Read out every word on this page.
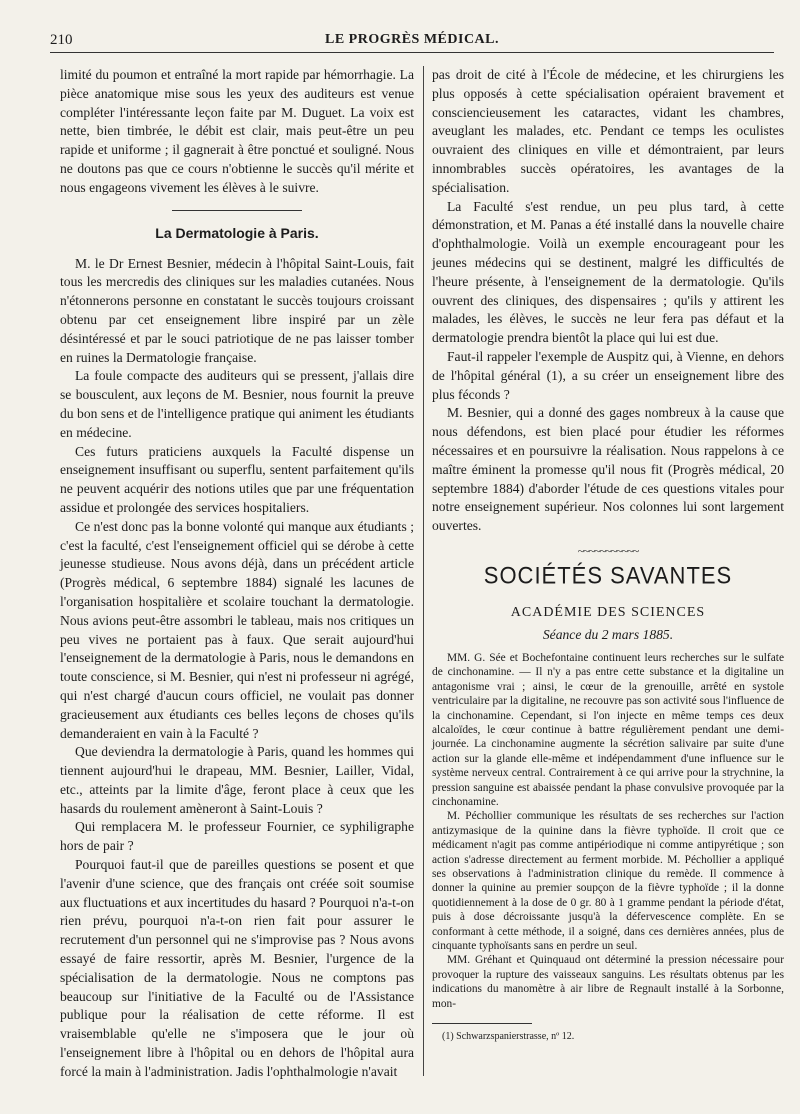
210	LE PROGRÈS MÉDICAL.

limité du poumon et entraîné la mort rapide par hémorrhagie. La pièce anatomique mise sous les yeux des auditeurs est venue compléter l'intéressante leçon faite par M. Duguet. La voix est nette, bien timbrée, le débit est clair, mais peut-être un peu rapide et uniforme ; il gagnerait à être ponctué et souligné. Nous ne doutons pas que ce cours n'obtienne le succès qu'il mérite et nous engageons vivement les élèves à le suivre.

La Dermatologie à Paris.

M. le Dr Ernest Besnier, médecin à l'hôpital Saint-Louis, fait tous les mercredis des cliniques sur les maladies cutanées. Nous n'étonnerons personne en constatant le succès toujours croissant obtenu par cet enseignement libre inspiré par un zèle désintéressé et par le souci patriotique de ne pas laisser tomber en ruines la Dermatologie française.

La foule compacte des auditeurs qui se pressent, j'allais dire se bousculent, aux leçons de M. Besnier, nous fournit la preuve du bon sens et de l'intelligence pratique qui animent les étudiants en médecine.

Ces futurs praticiens auxquels la Faculté dispense un enseignement insuffisant ou superflu, sentent parfaitement qu'ils ne peuvent acquérir des notions utiles que par une fréquentation assidue et prolongée des services hospitaliers.

Ce n'est donc pas la bonne volonté qui manque aux étudiants ; c'est la faculté, c'est l'enseignement officiel qui se dérobe à cette jeunesse studieuse. Nous avons déjà, dans un précédent article (Progrès médical, 6 septembre 1884) signalé les lacunes de l'organisation hospitalière et scolaire touchant la dermatologie. Nous avions peut-être assombri le tableau, mais nos critiques un peu vives ne portaient pas à faux. Que serait aujourd'hui l'enseignement de la dermatologie à Paris, nous le demandons en toute conscience, si M. Besnier, qui n'est ni professeur ni agrégé, qui n'est chargé d'aucun cours officiel, ne voulait pas donner gracieusement aux étudiants ces belles leçons de choses qu'ils demanderaient en vain à la Faculté ?

Que deviendra la dermatologie à Paris, quand les hommes qui tiennent aujourd'hui le drapeau, MM. Besnier, Lailler, Vidal, etc., atteints par la limite d'âge, feront place à ceux que les hasards du roulement amèneront à Saint-Louis ?

Qui remplacera M. le professeur Fournier, ce syphiligraphe hors de pair ?

Pourquoi faut-il que de pareilles questions se posent et que l'avenir d'une science, que des français ont créée soit soumise aux fluctuations et aux incertitudes du hasard ? Pourquoi n'a-t-on rien prévu, pourquoi n'a-t-on rien fait pour assurer le recrutement d'un personnel qui ne s'improvise pas ? Nous avons essayé de faire ressortir, après M. Besnier, l'urgence de la spécialisation de la dermatologie. Nous ne comptons pas beaucoup sur l'initiative de la Faculté ou de l'Assistance publique pour la réalisation de cette réforme. Il est vraisemblable qu'elle ne s'imposera que le jour où l'enseignement libre à l'hôpital ou en dehors de l'hôpital aura forcé la main à l'administration. Jadis l'ophthalmologie n'avait

pas droit de cité à l'École de médecine, et les chirurgiens les plus opposés à cette spécialisation opéraient bravement et consciencieusement les cataractes, vidant les chambres, aveuglant les malades, etc. Pendant ce temps les oculistes ouvraient des cliniques en ville et démontraient, par leurs innombrables succès opératoires, les avantages de la spécialisation.

La Faculté s'est rendue, un peu plus tard, à cette démonstration, et M. Panas a été installé dans la nouvelle chaire d'ophthalmologie. Voilà un exemple encourageant pour les jeunes médecins qui se destinent, malgré les difficultés de l'heure présente, à l'enseignement de la dermatologie. Qu'ils ouvrent des cliniques, des dispensaires ; qu'ils y attirent les malades, les élèves, le succès ne leur fera pas défaut et la dermatologie prendra bientôt la place qui lui est due.

Faut-il rappeler l'exemple de Auspitz qui, à Vienne, en dehors de l'hôpital général (1), a su créer un enseignement libre des plus féconds ?

M. Besnier, qui a donné des gages nombreux à la cause que nous défendons, est bien placé pour étudier les réformes nécessaires et en poursuivre la réalisation. Nous rappelons à ce maître éminent la promesse qu'il nous fit (Progrès médical, 20 septembre 1884) d'aborder l'étude de ces questions vitales pour notre enseignement supérieur. Nos colonnes lui sont largement ouvertes.

~~~~~~~~~~~
SOCIÉTÉS SAVANTES
ACADÉMIE DES SCIENCES
Séance du 2 mars 1885.

MM. G. Sée et Bochefontaine continuent leurs recherches sur le sulfate de cinchonamine. — Il n'y a pas entre cette substance et la digitaline un antagonisme vrai ; ainsi, le cœur de la grenouille, arrêté en systole ventriculaire par la digitaline, ne recouvre pas son activité sous l'influence de la cinchonamine. Cependant, si l'on injecte en même temps ces deux alcaloïdes, le cœur continue à battre régulièrement pendant une demi-journée. La cinchonamine augmente la sécrétion salivaire par suite d'une action sur la glande elle-même et indépendamment d'une influence sur le système nerveux central. Contrairement à ce qui arrive pour la strychnine, la pression sanguine est abaissée pendant la phase convulsive provoquée par la cinchonamine.

M. Péchollier communique les résultats de ses recherches sur l'action antizymasique de la quinine dans la fièvre typhoïde. Il croit que ce médicament n'agit pas comme antipériodique ni comme antipyrétique ; son action s'adresse directement au ferment morbide. M. Péchollier a appliqué ses observations à l'administration clinique du remède. Il commence à donner la quinine au premier soupçon de la fièvre typhoïde ; il la donne quotidiennement à la dose de 0 gr. 80 à 1 gramme pendant la période d'état, puis à dose décroissante jusqu'à la défervescence complète. En se conformant à cette méthode, il a soigné, dans ces dernières années, plus de cinquante typhoïsants sans en perdre un seul.

MM. Gréhant et Quinquaud ont déterminé la pression nécessaire pour provoquer la rupture des vaisseaux sanguins. Les résultats obtenus par les indications du manomètre à air libre de Regnault installé à la Sorbonne, mon-

(1) Schwarzspanierstrasse, nº 12.
